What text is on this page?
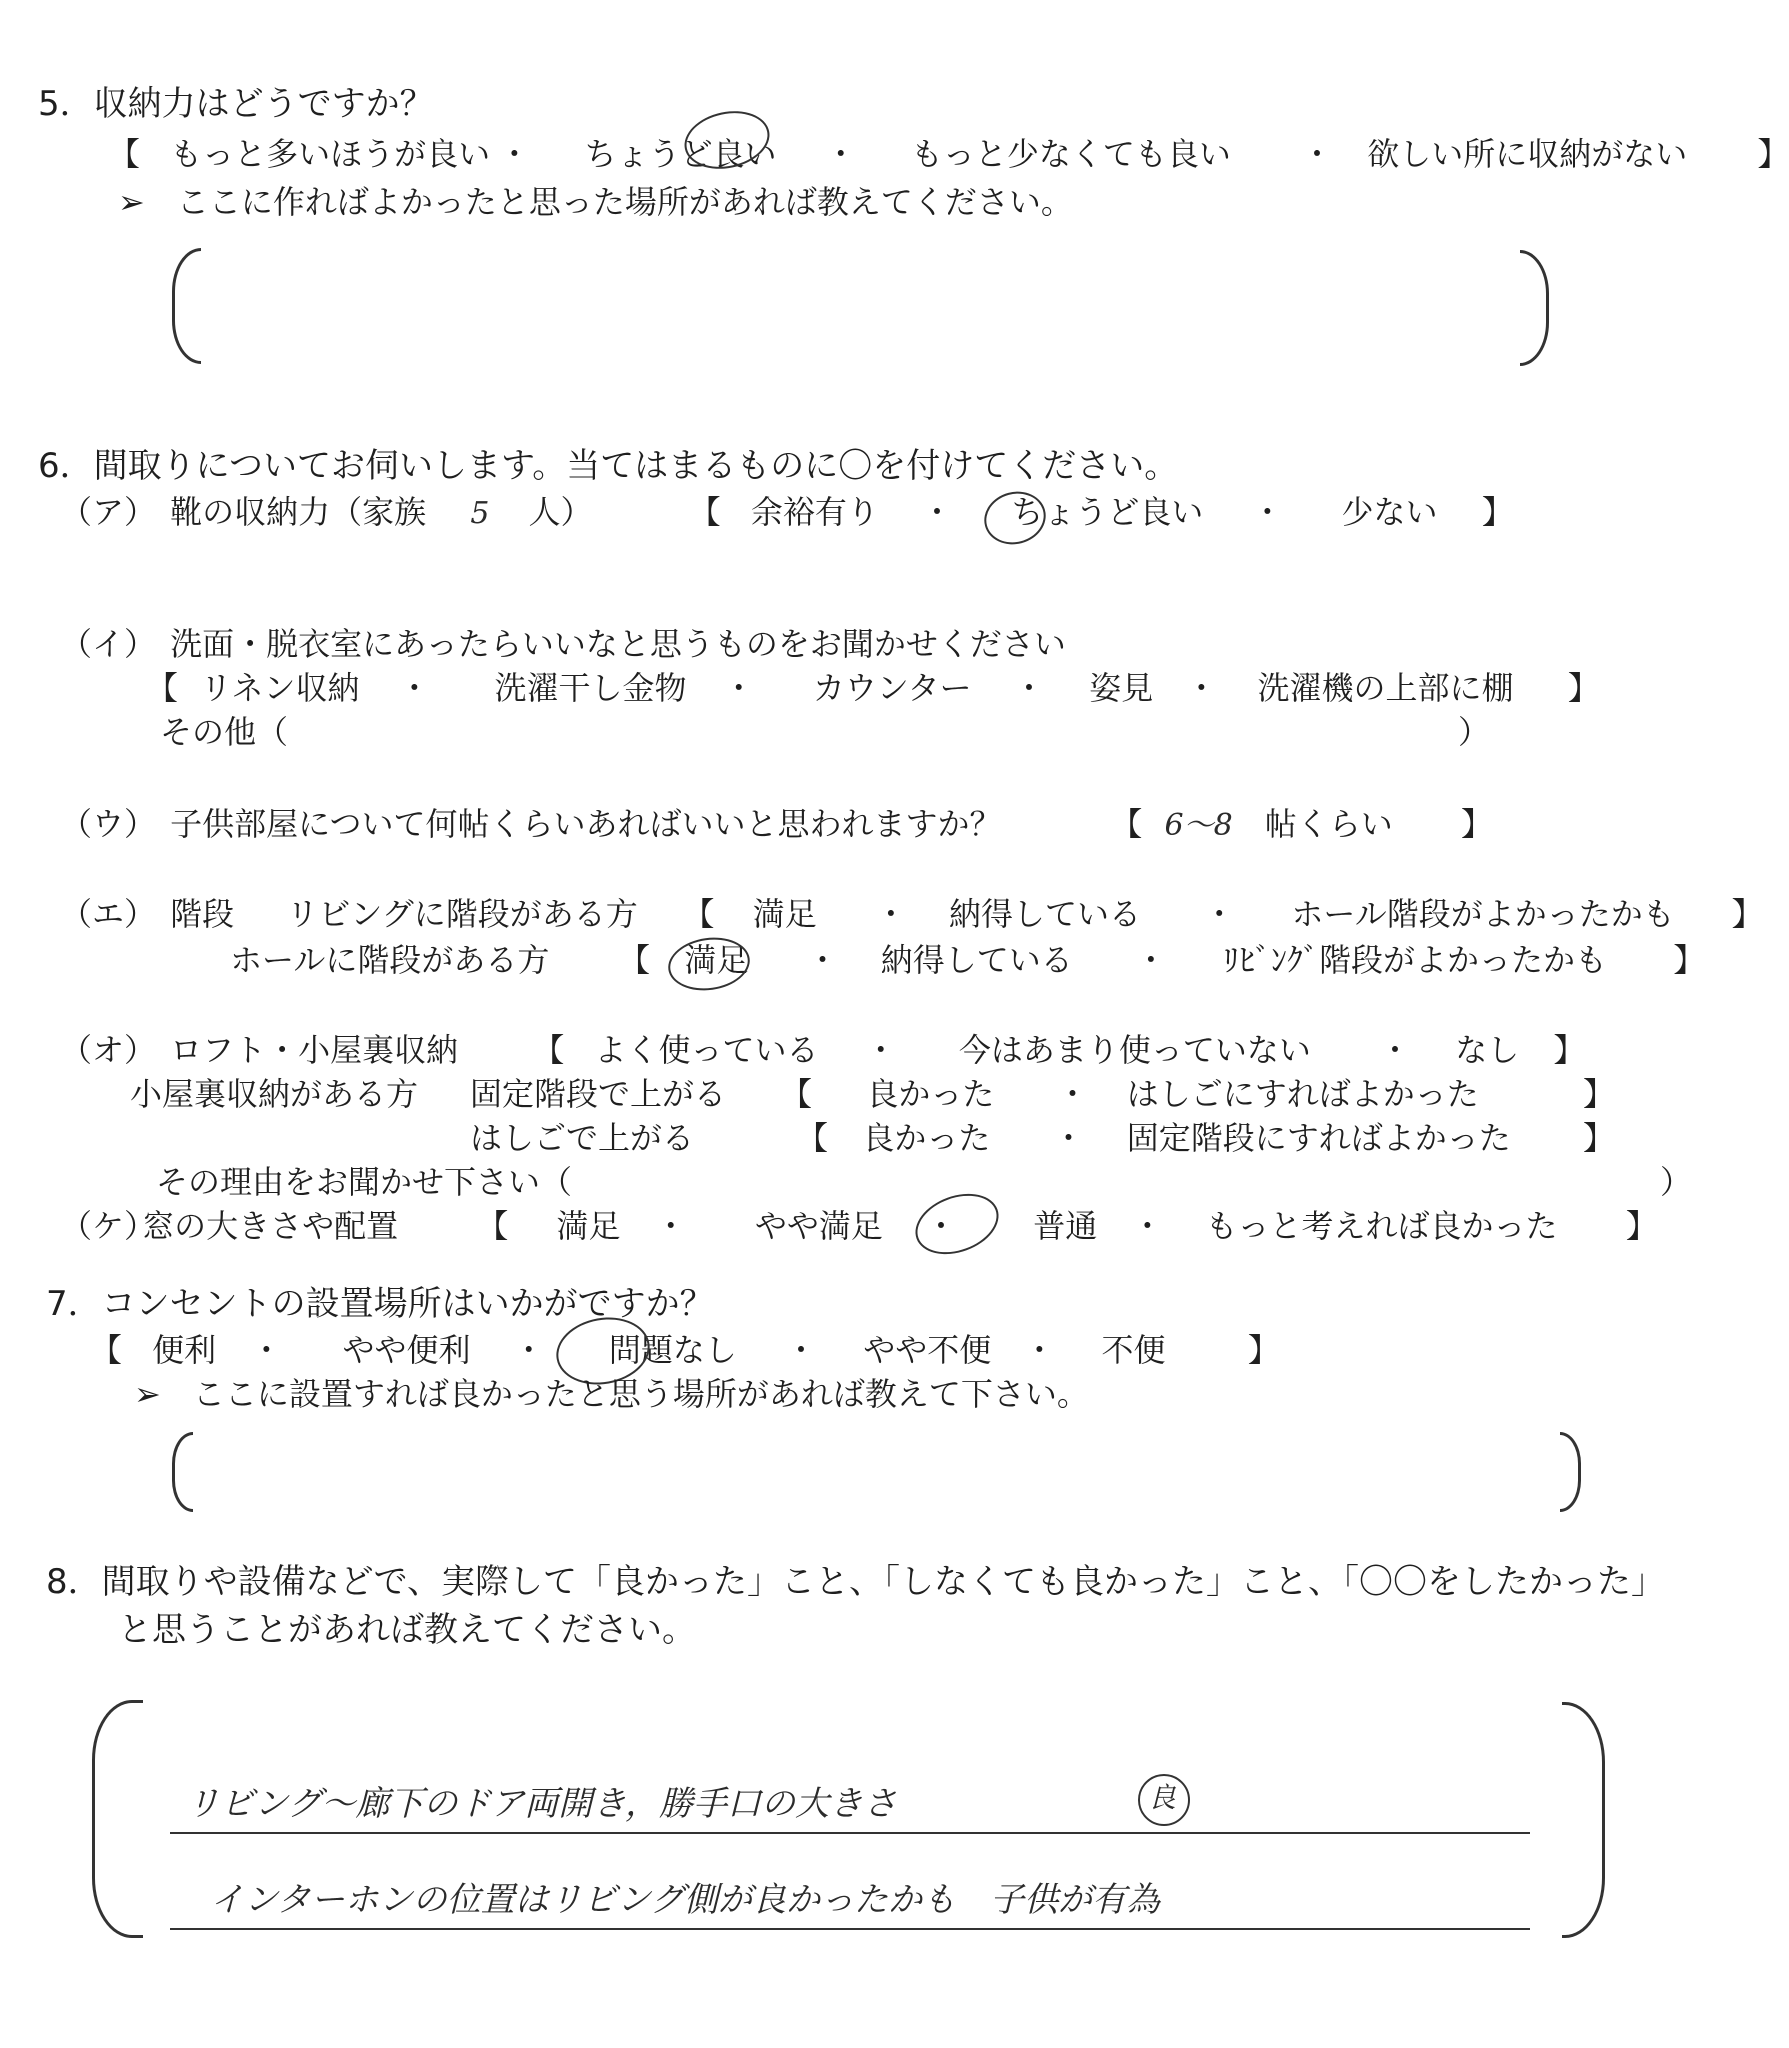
5．収納力はどうですか？
【 もっと多いほうが良い ・ ちょうど良い ・ もっと少なくても良い ・ 欲しい所に収納がない 】
➢　ここに作ればよかったと思った場所があれば教えてください。
6．間取りについてお伺いします。当てはまるものに〇を付けてください。
（ア） 靴の収納力（家族 5 人）	【 余裕有り ・ ちょうど良い ・ 少ない 】
（イ） 洗面・脱衣室にあったらいいなと思うものをお聞かせください
【 リネン収納 ・ 洗濯干し金物 ・ カウンター ・ 姿見 ・ 洗濯機の上部に棚 】
その他（	）
（ウ） 子供部屋について何帖くらいあればいいと思われますか？	【 6～8 帖くらい 】
（エ） 階段 リビングに階段がある方 【 満足 ・ 納得している ・ ホール階段がよかったかも 】
ホールに階段がある方 【 満足 ・ 納得している ・ ﾘﾋﾞﾝｸﾞ階段がよかったかも 】
（オ） ロフト・小屋裏収納 【 よく使っている ・ 今はあまり使っていない ・ なし 】
小屋裏収納がある方 固定階段で上がる 【 良かった ・ はしごにすればよかった	】
はしごで上がる	【 良かった ・ 固定階段にすればよかった 】
その理由をお聞かせ下さい（	）
（ケ） 窓の大きさや配置 【 満足 ・ やや満足 ・ 普通 ・ もっと考えれば良かった 】
7．コンセントの設置場所はいかがですか？
【 便利 ・ やや便利 ・ 問題なし ・ やや不便 ・ 不便	】
➢　ここに設置すれば良かったと思う場所があれば教えて下さい。
8．間取りや設備などで、実際して「良かった」こと、「しなくても良かった」こと、「〇〇をしたかった」
と思うことがあれば教えてください。
リビング～廊下のドア両開き，勝手口の大きさ	良
インターホンの位置はリビング側が良かったかも　子供が有為
